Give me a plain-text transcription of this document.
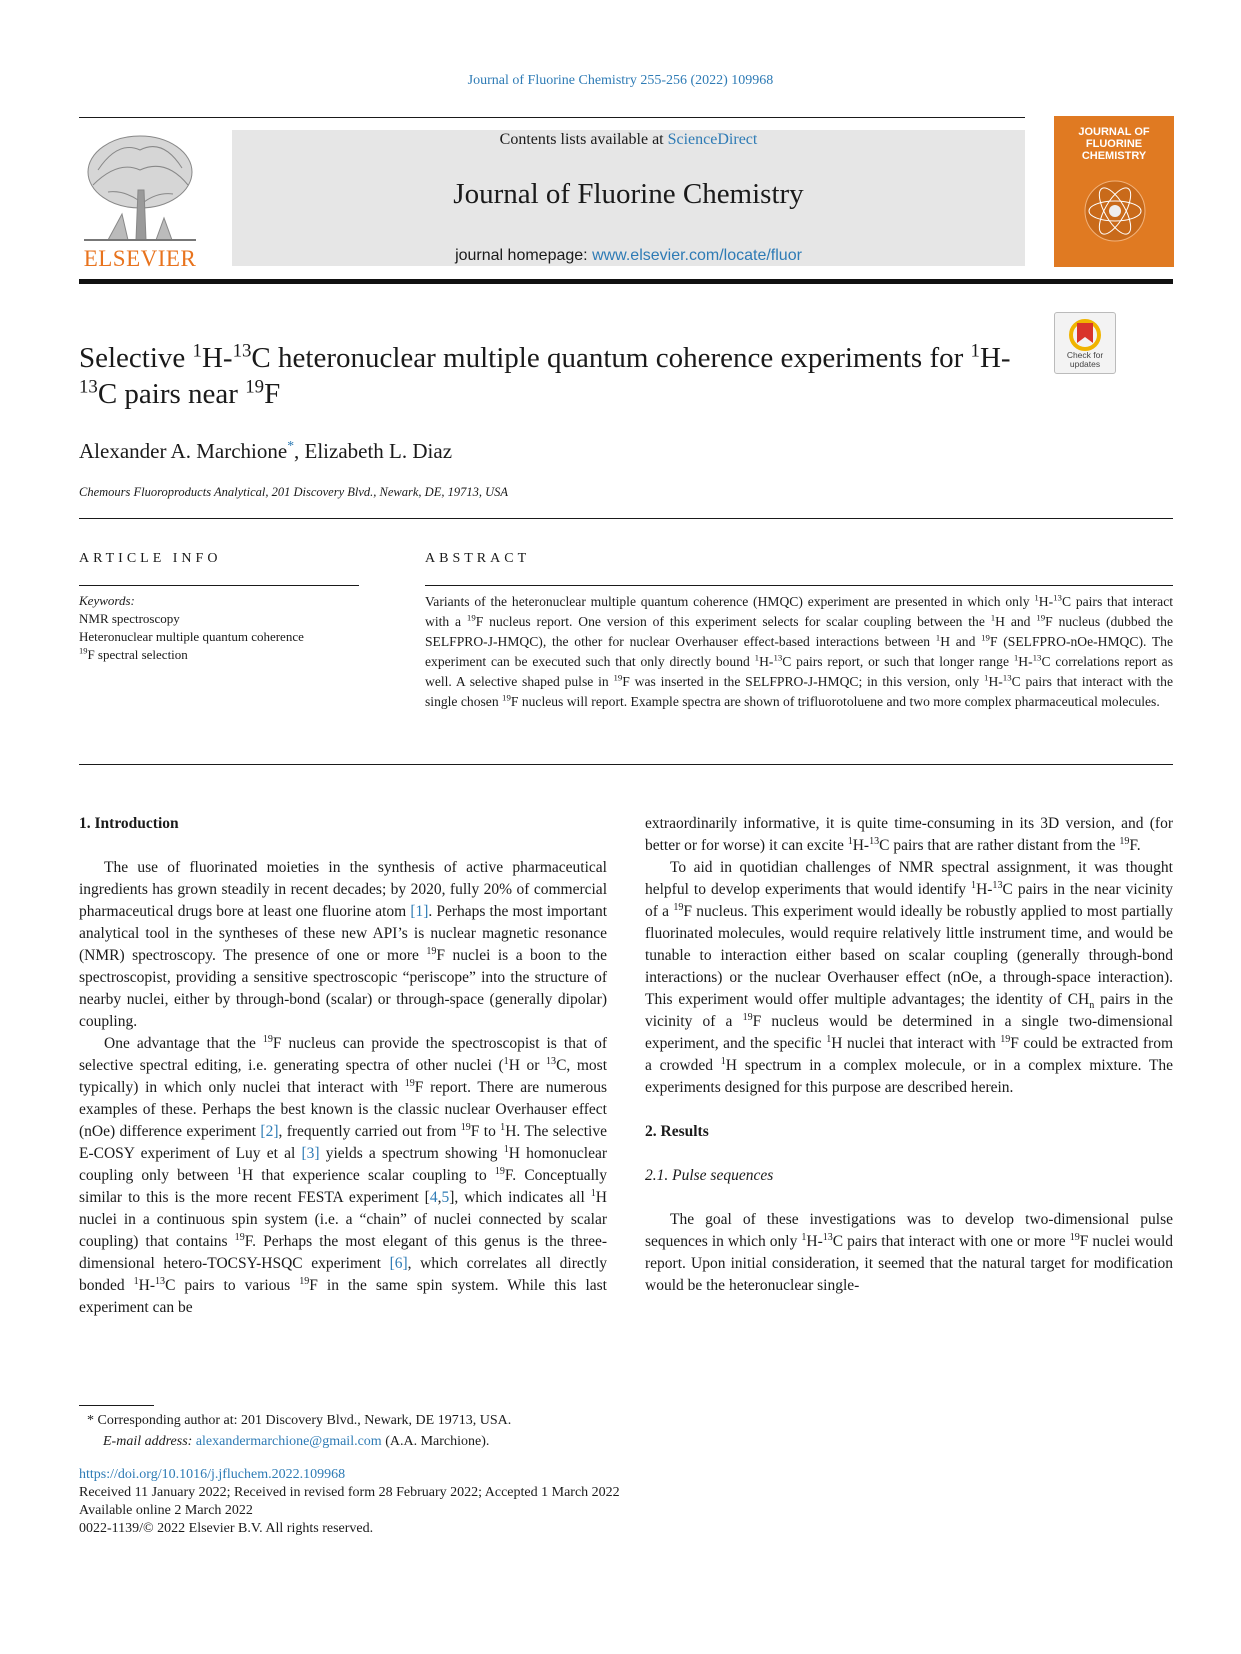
Journal of Fluorine Chemistry 255-256 (2022) 109968
ELSEVIER
Contents lists available at ScienceDirect
Journal of Fluorine Chemistry
journal homepage: www.elsevier.com/locate/fluor
JOURNAL OF FLUORINE CHEMISTRY
Check for updates
Selective $^1$H-$^{13}$C heteronuclear multiple quantum coherence experiments for $^1$H-$^{13}$C pairs near $^{19}$F
Alexander A. Marchione*, Elizabeth L. Diaz
Chemours Fluoroproducts Analytical, 201 Discovery Blvd., Newark, DE, 19713, USA
ARTICLE INFO	ABSTRACT
Keywords:
NMR spectroscopy
Heteronuclear multiple quantum coherence
$^{19}$F spectral selection
Variants of the heteronuclear multiple quantum coherence (HMQC) experiment are presented in which only $^1$H-$^{13}$C pairs that interact with a $^{19}$F nucleus report. One version of this experiment selects for scalar coupling between the $^1$H and $^{19}$F nucleus (dubbed the SELFPRO-J-HMQC), the other for nuclear Overhauser effect-based interactions between $^1$H and $^{19}$F (SELFPRO-nOe-HMQC). The experiment can be executed such that only directly bound $^1$H-$^{13}$C pairs report, or such that longer range $^1$H-$^{13}$C correlations report as well. A selective shaped pulse in $^{19}$F was inserted in the SELFPRO-J-HMQC; in this version, only $^1$H-$^{13}$C pairs that interact with the single chosen $^{19}$F nucleus will report. Example spectra are shown of trifluorotoluene and two more complex pharmaceutical molecules.

1. Introduction

The use of fluorinated moieties in the synthesis of active pharmaceutical ingredients has grown steadily in recent decades; by 2020, fully 20% of commercial pharmaceutical drugs bore at least one fluorine atom [1]. Perhaps the most important analytical tool in the syntheses of these new API’s is nuclear magnetic resonance (NMR) spectroscopy. The presence of one or more $^{19}$F nuclei is a boon to the spectroscopist, providing a sensitive spectroscopic “periscope” into the structure of nearby nuclei, either by through-bond (scalar) or through-space (generally dipolar) coupling.

One advantage that the $^{19}$F nucleus can provide the spectroscopist is that of selective spectral editing, i.e. generating spectra of other nuclei ($^1$H or $^{13}$C, most typically) in which only nuclei that interact with $^{19}$F report. There are numerous examples of these. Perhaps the best known is the classic nuclear Overhauser effect (nOe) difference experiment [2], frequently carried out from $^{19}$F to $^1$H. The selective E-COSY experiment of Luy et al [3] yields a spectrum showing $^1$H homonuclear coupling only between $^1$H that experience scalar coupling to $^{19}$F. Conceptually similar to this is the more recent FESTA experiment [4,5], which indicates all $^1$H nuclei in a continuous spin system (i.e. a “chain” of nuclei connected by scalar coupling) that contains $^{19}$F. Perhaps the most elegant of this genus is the three-dimensional hetero-TOCSY-HSQC experiment [6], which correlates all directly bonded $^1$H-$^{13}$C pairs to various $^{19}$F in the same spin system. While this last experiment can be

extraordinarily informative, it is quite time-consuming in its 3D version, and (for better or for worse) it can excite $^1$H-$^{13}$C pairs that are rather distant from the $^{19}$F.

To aid in quotidian challenges of NMR spectral assignment, it was thought helpful to develop experiments that would identify $^1$H-$^{13}$C pairs in the near vicinity of a $^{19}$F nucleus. This experiment would ideally be robustly applied to most partially fluorinated molecules, would require relatively little instrument time, and would be tunable to interaction either based on scalar coupling (generally through-bond interactions) or the nuclear Overhauser effect (nOe, a through-space interaction). This experiment would offer multiple advantages; the identity of $CH_n$ pairs in the vicinity of a $^{19}$F nucleus would be determined in a single two-dimensional experiment, and the specific $^1$H nuclei that interact with $^{19}$F could be extracted from a crowded $^1$H spectrum in a complex molecule, or in a complex mixture. The experiments designed for this purpose are described herein.

2. Results

2.1. Pulse sequences

The goal of these investigations was to develop two-dimensional pulse sequences in which only $^1$H-$^{13}$C pairs that interact with one or more $^{19}$F nuclei would report. Upon initial consideration, it seemed that the natural target for modification would be the heteronuclear single-

* Corresponding author at: 201 Discovery Blvd., Newark, DE 19713, USA.
E-mail address: alexandermarchione@gmail.com (A.A. Marchione).
https://doi.org/10.1016/j.jfluchem.2022.109968
Received 11 January 2022; Received in revised form 28 February 2022; Accepted 1 March 2022
Available online 2 March 2022
0022-1139/© 2022 Elsevier B.V. All rights reserved.
